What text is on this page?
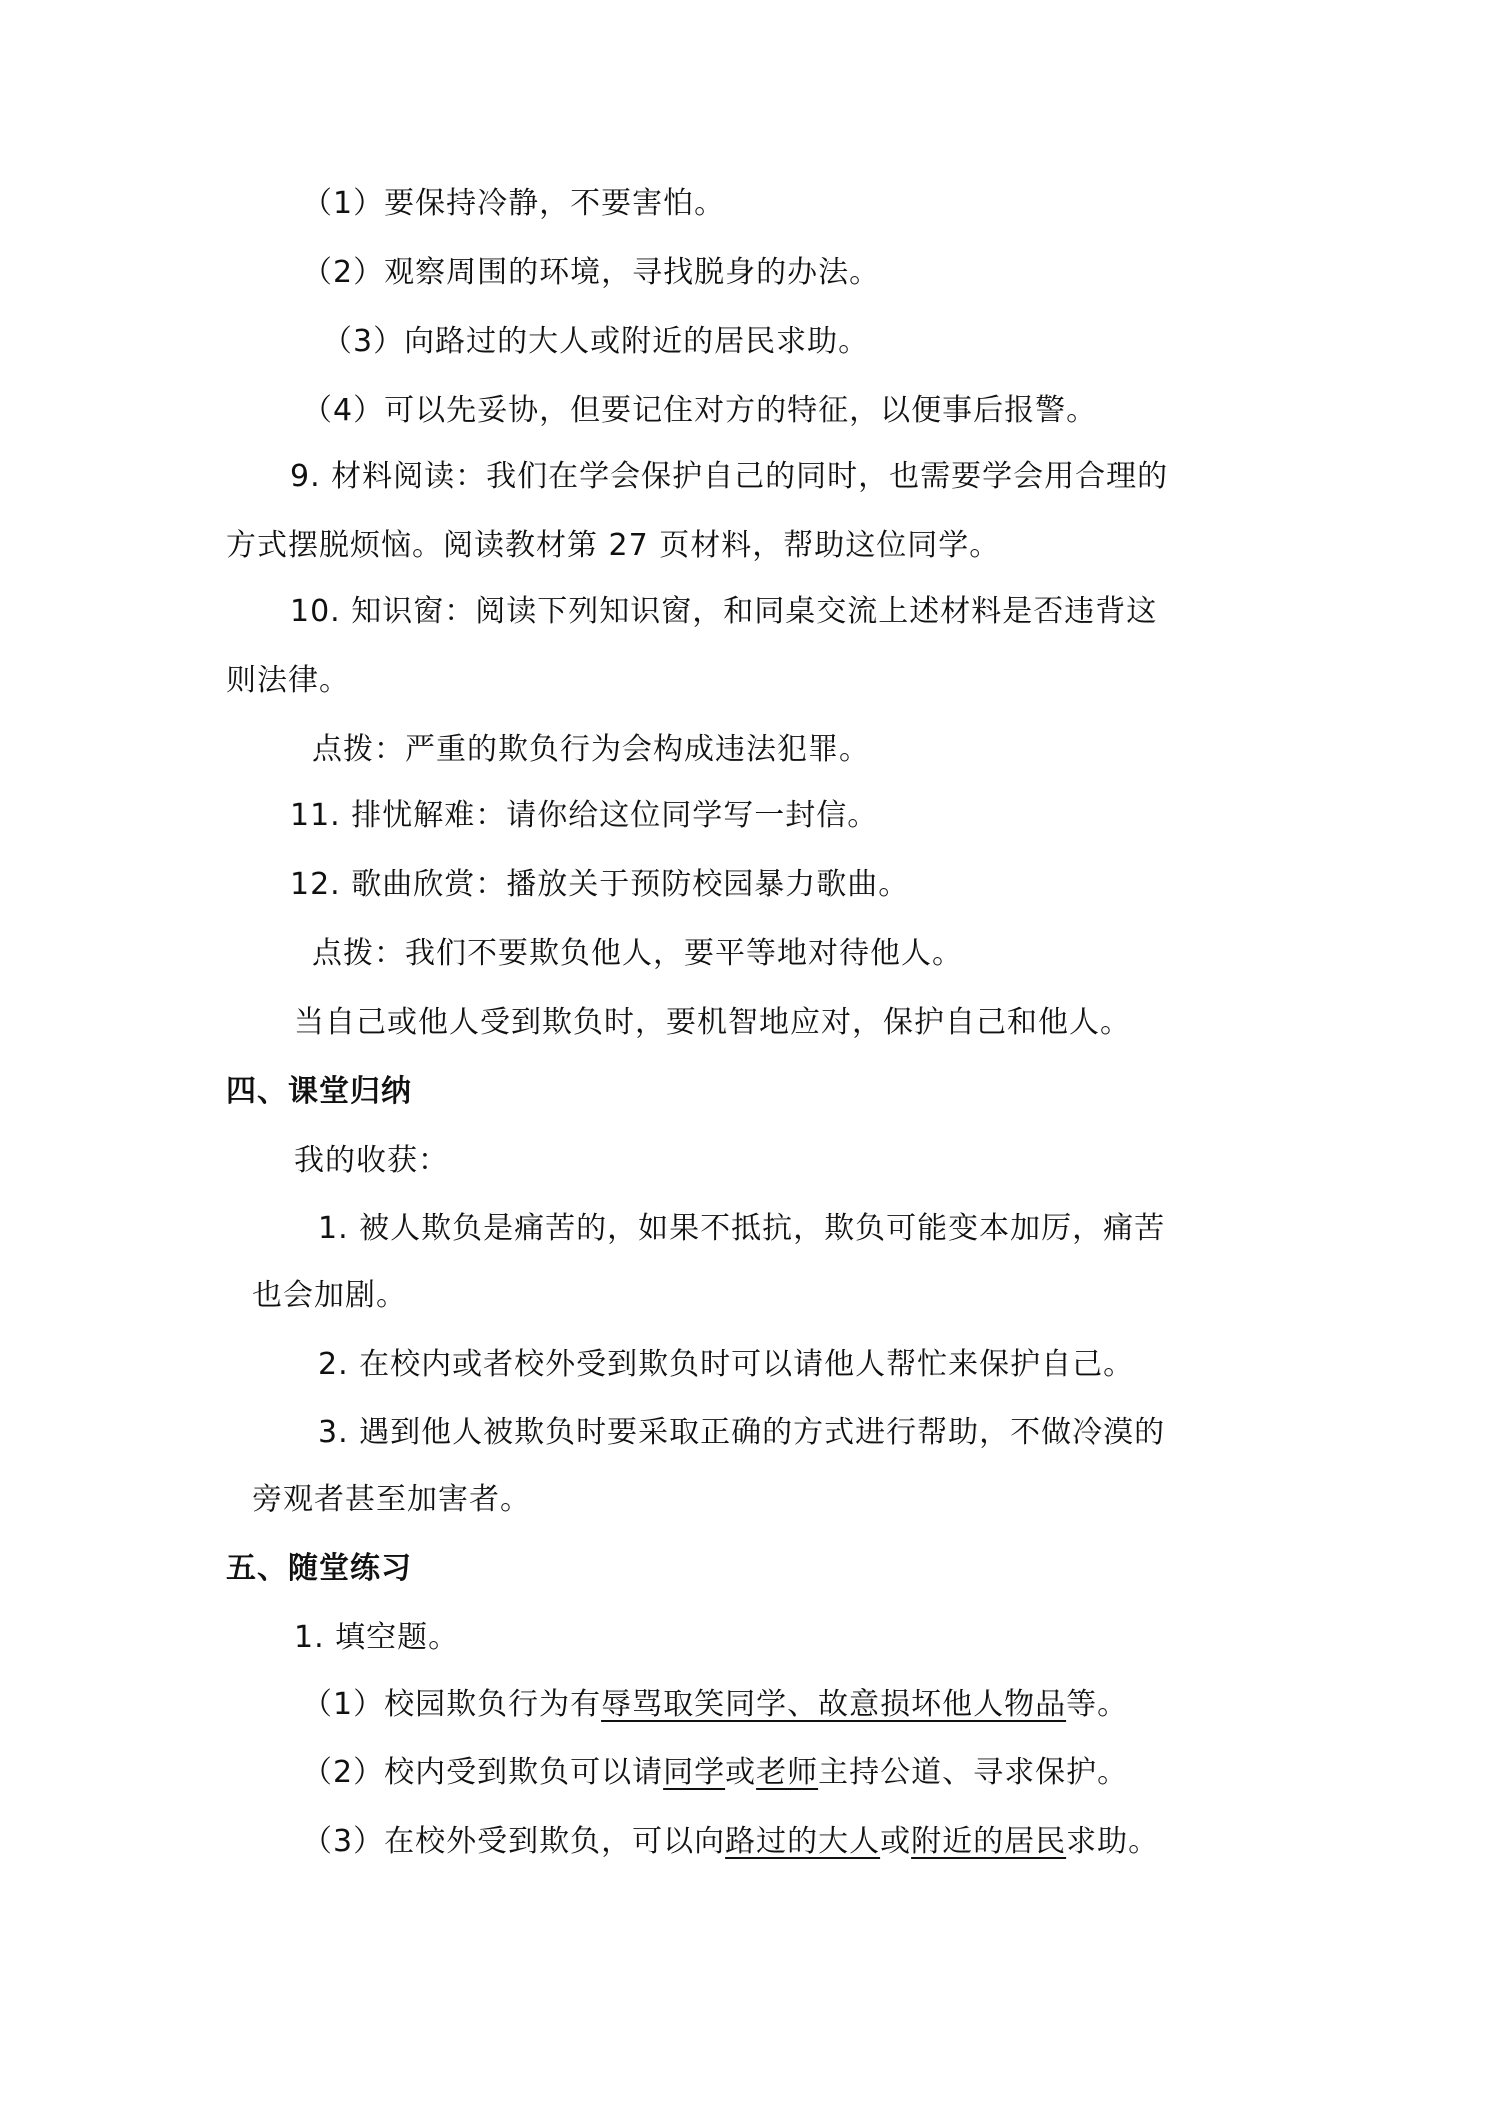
（1）要保持冷静，不要害怕。
（2）观察周围的环境，寻找脱身的办法。
（3）向路过的大人或附近的居民求助。
（4）可以先妥协，但要记住对方的特征，以便事后报警。
9. 材料阅读：我们在学会保护自己的同时，也需要学会用合理的
方式摆脱烦恼。阅读教材第 27 页材料，帮助这位同学。
10. 知识窗：阅读下列知识窗，和同桌交流上述材料是否违背这
则法律。
点拨：严重的欺负行为会构成违法犯罪。
11. 排忧解难：请你给这位同学写一封信。
12. 歌曲欣赏：播放关于预防校园暴力歌曲。
点拨：我们不要欺负他人，要平等地对待他人。
当自己或他人受到欺负时，要机智地应对，保护自己和他人。
四、课堂归纳
我的收获：
1. 被人欺负是痛苦的，如果不抵抗，欺负可能变本加厉，痛苦
也会加剧。
2. 在校内或者校外受到欺负时可以请他人帮忙来保护自己。
3. 遇到他人被欺负时要采取正确的方式进行帮助，不做冷漠的
旁观者甚至加害者。
五、随堂练习
1. 填空题。
（1）校园欺负行为有辱骂取笑同学、故意损坏他人物品等。
（2）校内受到欺负可以请同学或老师主持公道、寻求保护。
（3）在校外受到欺负，可以向路过的大人或附近的居民求助。
